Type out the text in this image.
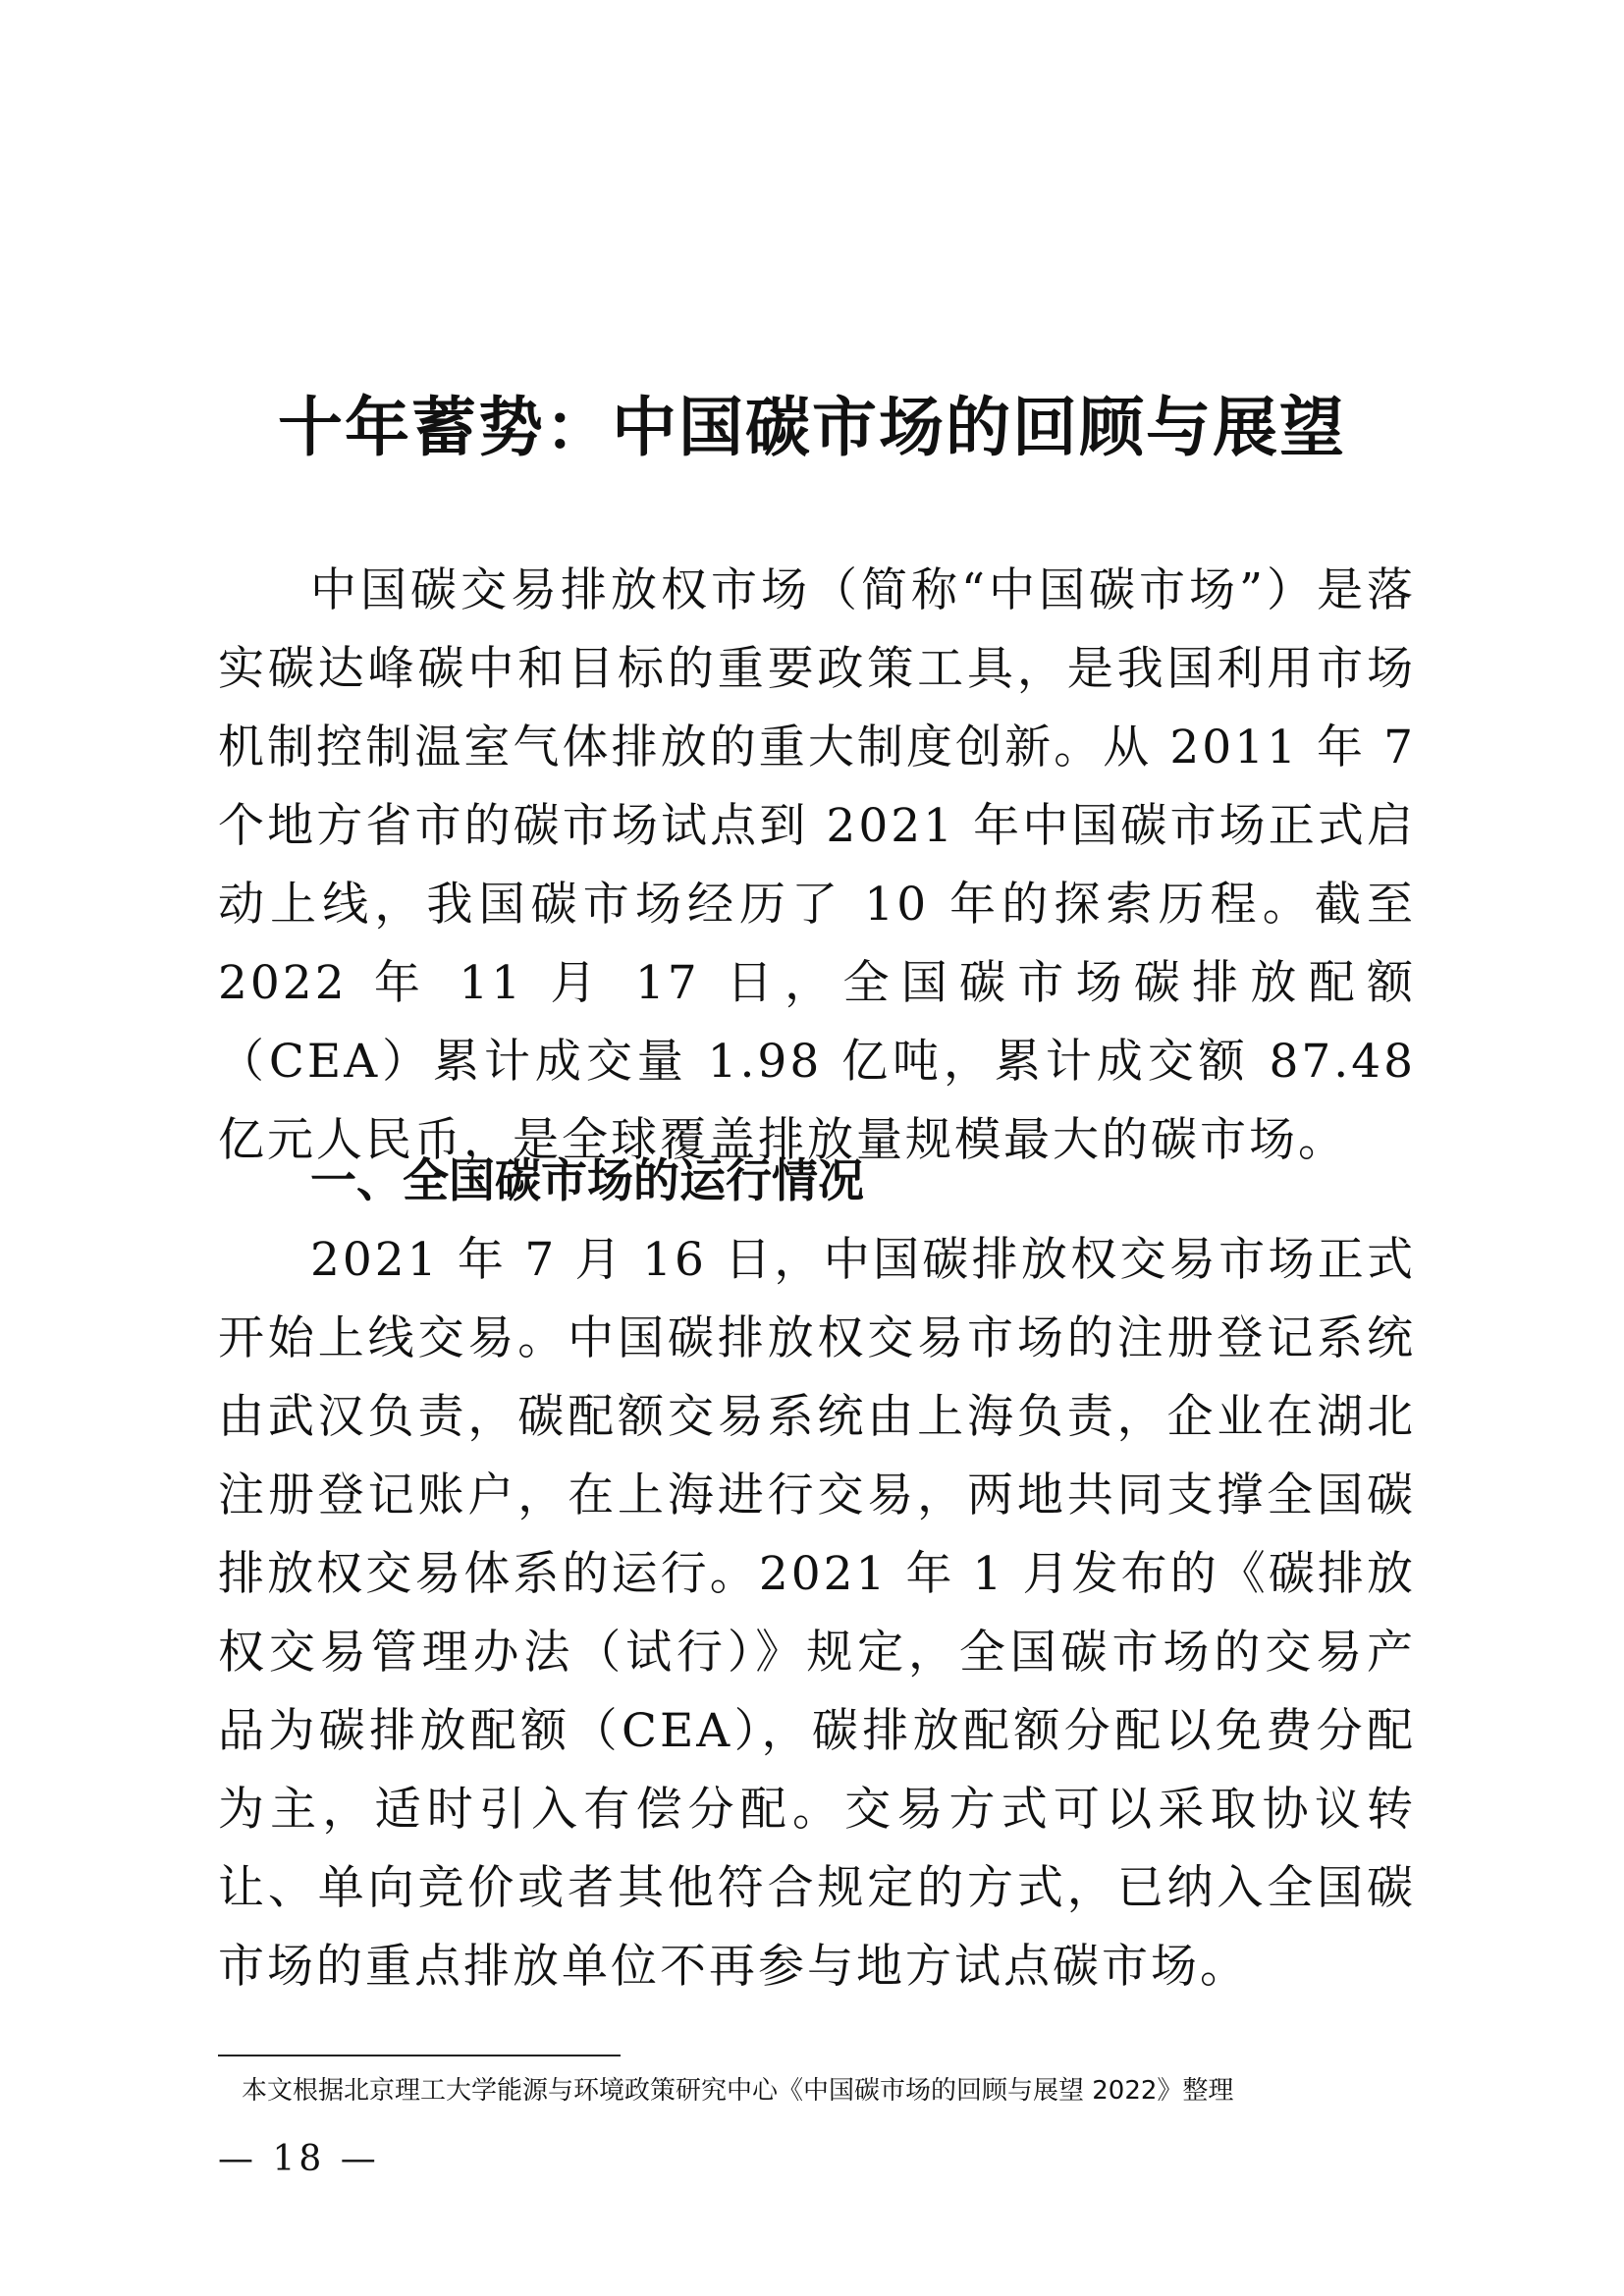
十年蓄势：中国碳市场的回顾与展望

中国碳交易排放权市场（简称“中国碳市场”）是落实碳达峰碳中和目标的重要政策工具，是我国利用市场机制控制温室气体排放的重大制度创新。从 2011 年 7 个地方省市的碳市场试点到 2021 年中国碳市场正式启动上线，我国碳市场经历了 10 年的探索历程。截至 2022 年 11 月 17 日，全国碳市场碳排放配额（CEA）累计成交量 1.98 亿吨，累计成交额 87.48 亿元人民币，是全球覆盖排放量规模最大的碳市场。

一、全国碳市场的运行情况

2021 年 7 月 16 日，中国碳排放权交易市场正式开始上线交易。中国碳排放权交易市场的注册登记系统由武汉负责，碳配额交易系统由上海负责，企业在湖北注册登记账户，在上海进行交易，两地共同支撑全国碳排放权交易体系的运行。2021 年 1 月发布的《碳排放权交易管理办法（试行）》规定，全国碳市场的交易产品为碳排放配额（CEA），碳排放配额分配以免费分配为主，适时引入有偿分配。交易方式可以采取协议转让、单向竞价或者其他符合规定的方式，已纳入全国碳市场的重点排放单位不再参与地方试点碳市场。

本文根据北京理工大学能源与环境政策研究中心《中国碳市场的回顾与展望 2022》整理

— 18 —
